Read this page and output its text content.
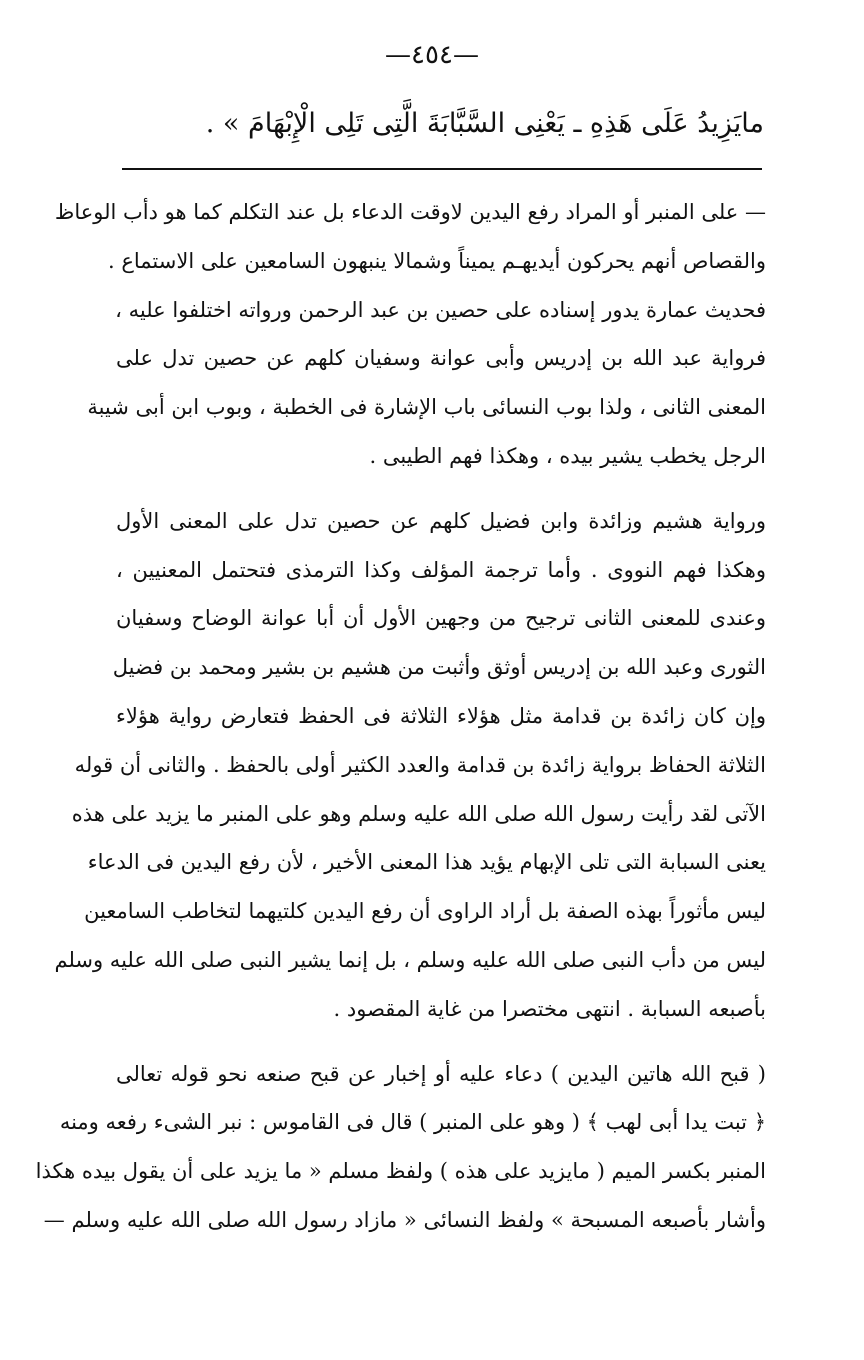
—٤٥٤—
مايَزِيدُ عَلَى هَذِهِ ـ يَعْنِى السَّبَّابَةَ الَّتِى تَلِى الْإِبْهَامَ » .
— على المنبر أو المراد رفع اليدين لاوقت الدعاء بل عند التكلم كما هو دأب الوعاظ
والقصاص أنهم يحركون أيديهـم يميناً وشمالا ينبهون السامعين على الاستماع .
فحديث عمارة يدور إسناده على حصين بن عبد الرحمن ورواته اختلفوا عليه ،
فرواية عبد الله بن إدريس وأبى عوانة وسفيان كلهم عن حصين تدل على
المعنى الثانى ، ولذا بوب النسائى باب الإشارة فى الخطبة ، وبوب ابن أبى شيبة
الرجل يخطب يشير بيده ، وهكذا فهم الطيبى .
ورواية هشيم وزائدة وابن فضيل كلهم عن حصين تدل على المعنى الأول
وهكذا فهم النووى . وأما ترجمة المؤلف وكذا الترمذى فتحتمل المعنيين ،
وعندى للمعنى الثانى ترجيح من وجهين الأول أن أبا عوانة الوضاح وسفيان
الثورى وعبد الله بن إدريس أوثق وأثبت من هشيم بن بشير ومحمد بن فضيل
وإن كان زائدة بن قدامة مثل هؤلاء الثلاثة فى الحفظ فتعارض رواية هؤلاء
الثلاثة الحفاظ برواية زائدة بن قدامة والعدد الكثير أولى بالحفظ . والثانى أن قوله
الآتى لقد رأيت رسول الله صلى الله عليه وسلم وهو على المنبر ما يزيد على هذه
يعنى السبابة التى تلى الإبهام يؤيد هذا المعنى الأخير ، لأن رفع اليدين فى الدعاء
ليس مأثوراً بهذه الصفة بل أراد الراوى أن رفع اليدين كلتيهما لتخاطب السامعين
ليس من دأب النبى صلى الله عليه وسلم ، بل إنما يشير النبى صلى الله عليه وسلم
بأصبعه السبابة . انتهى مختصرا من غاية المقصود .
( قبح الله هاتين اليدين ) دعاء عليه أو إخبار عن قبح صنعه نحو قوله تعالى
﴿ تبت يدا أبى لهب ﴾ ( وهو على المنبر ) قال فى القاموس : نبر الشىء رفعه ومنه
المنبر بكسر الميم ( مايزيد على هذه ) ولفظ مسلم « ما يزيد على أن يقول بيده هكذا
وأشار بأصبعه المسبحة » ولفظ النسائى « مازاد رسول الله صلى الله عليه وسلم —
